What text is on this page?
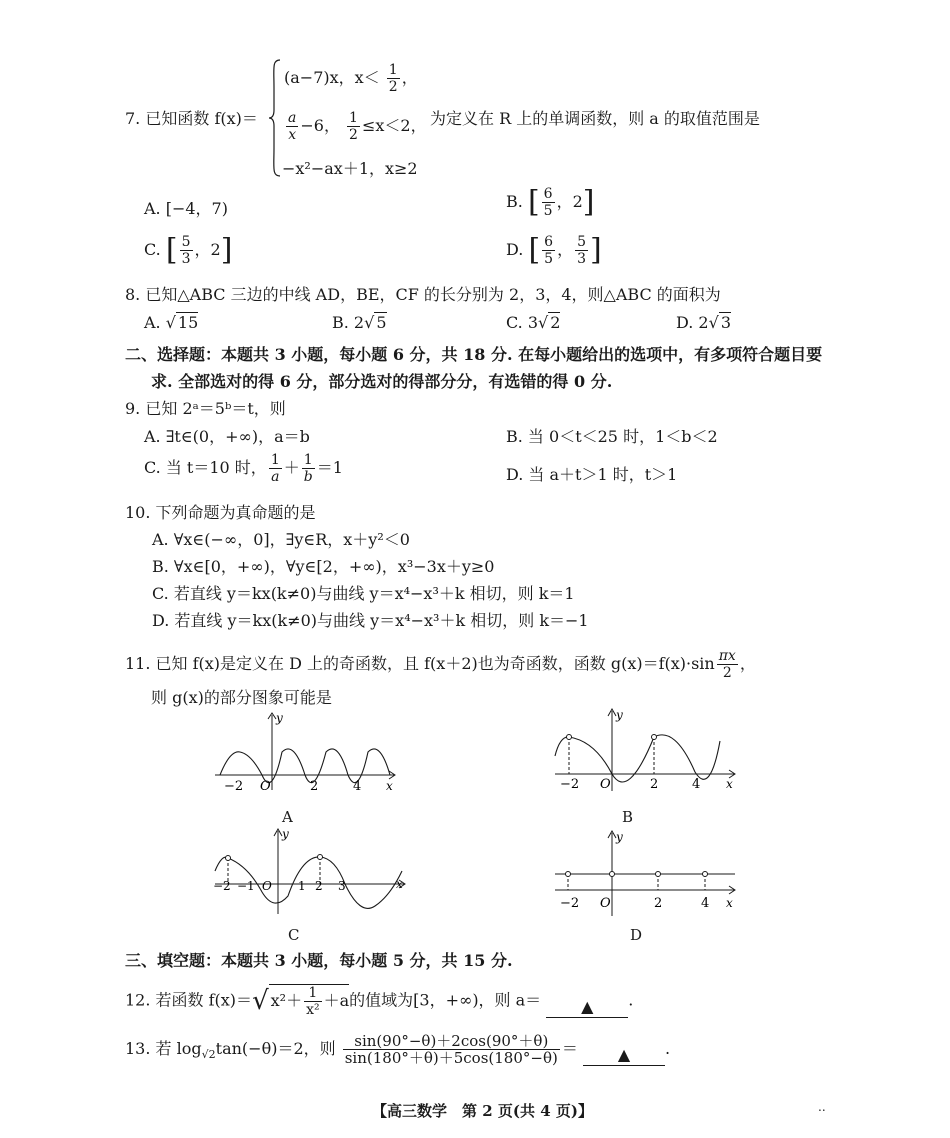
7. 已知函数 f(x)＝
(a−7)x，$x< \frac{1}{2}$ ，
$\frac{a}{x} -6$， $\frac{1}{2} \le x<2$，
−x²−ax＋1，x≥2
为定义在 R 上的单调函数，则 a 的取值范围是
A. [−4，7)	B. [ $\frac{6}{5}$ ，2]
C. [ $\frac{5}{3}$ ，2]	D. [ $\frac{6}{5}$ ， $\frac{5}{3}$ ]
8. 已知△ABC 三边的中线 AD，BE，CF 的长分别为 2，3，4，则△ABC 的面积为
A. √ 15	B. 2√ 5	C. 3√ 2	D. 2√ 3
二、选择题：本题共 3 小题，每小题 6 分，共 18 分. 在每小题给出的选项中，有多项符合题目要
求. 全部选对的得 6 分，部分选对的得部分分，有选错的得 0 分.
9. 已知 2ᵃ＝5ᵇ＝t，则
A. ∃t∈(0，+∞)，a＝b	B. 当 0＜t＜25 时，1＜b＜2
C. 当 t＝10 时， $\frac{1}{a} + \frac{1}{b} =1$	D. 当 a＋t＞1 时，t＞1
10. 下列命题为真命题的是
A. ∀x∈(−∞，0]，∃y∈R，x＋y²＜0
B. ∀x∈[0，+∞)，∀y∈[2，+∞)，x³−3x＋y≥0
C. 若直线 y＝kx(k≠0)与曲线 y＝x⁴−x³＋k 相切，则 k＝1
D. 若直线 y＝kx(k≠0)与曲线 y＝x⁴−x³＋k 相切，则 k＝−1
11. 已知 f(x)是定义在 D 上的奇函数，且 f(x＋2)也为奇函数，函数 $g(x)=f(x)\cdot\sin \frac{\pi x}{2}$ ，
则 g(x)的部分图象可能是
−2 O	2	4 x
y
A
−2 O	2	4 x
y
B
−2 −1 O 1 2 3	x
y
C
−2 O	2	4 x
y
D
三、填空题：本题共 3 小题，每小题 5 分，共 15 分.
12. 若函数 f(x)＝√ $x^2+ \frac{1}{\text{x²}} +a$的值域为[3，+∞)，则 a＝ ▲ .
13. 若 $\log_{√2}\tan(-\theta)=2$，则 $\frac{\sin(90^\circ-\theta)+2\cos(90^\circ+\theta)}{\sin(180^\circ+\theta)+5\cos(180^\circ-\theta)}$ ＝ ▲ .
【高三数学　第 2 页(共 4 页)】	..
